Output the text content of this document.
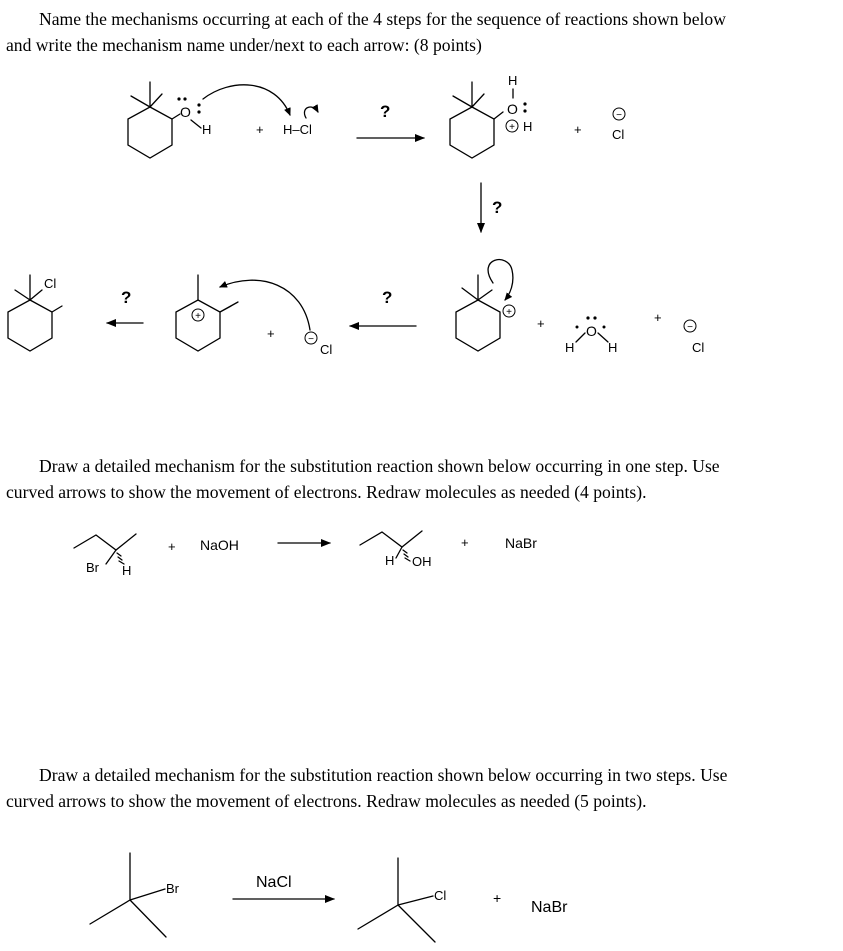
Name the mechanisms occurring at each of the 4 steps for the sequence of reactions shown below
and write the mechanism name under/next to each arrow: (8 points)
Draw a detailed mechanism for the substitution reaction shown below occurring in one step. Use
curved arrows to show the movement of electrons. Redraw molecules as needed (4 points).
Draw a detailed mechanism for the substitution reaction shown below occurring in two steps. Use
curved arrows to show the movement of electrons. Redraw molecules as needed (5 points).
O
H	+ H–Cl
?
H
O
+ H	+
−
Cl
?
Cl
?
+
+	−
Cl
?
+
+	O
H	H
+
−
Cl
Br H
+ NaOH
H OH
+	NaBr
Br	NaCl
Cl	+
NaBr
